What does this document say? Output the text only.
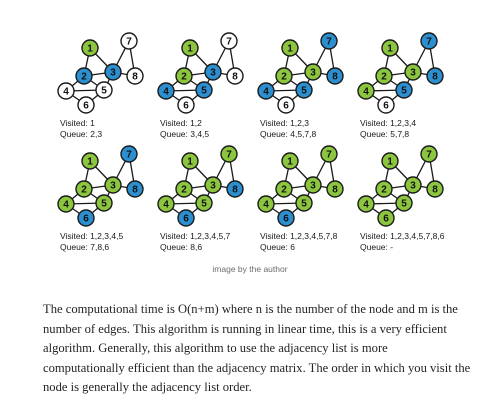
1
2 3
4	5
6
7
8
Visited: 1
Queue: 2,3
1
2 3
4	5
6
7
8
Visited: 1,2
Queue: 3,4,5
1
2 3
4	5
6
7
8
Visited: 1,2,3
Queue: 4,5,7,8
1
2 3
4	5
6
7
8
Visited: 1,2,3,4
Queue: 5,7,8
1
2 3
4	5
6
7
8
Visited: 1,2,3,4,5
Queue: 7,8,6
1
2 3
4	5
6
7
8
Visited: 1,2,3,4,5,7
Queue: 8,6
1
2 3
4	5
6
7
8
Visited: 1,2,3,4,5,7,8
Queue: 6
1
2 3
4	5
6
7
8
Visited: 1,2,3,4,5,7,8,6
Queue: -
image by the author
The computational time is O(n+m) where n is the number of the node and m is the number of edges. This algorithm is running in linear time, this is a very efficient algorithm. Generally, this algorithm to use the adjacency list is more computationally efficient than the adjacency matrix. The order in which you visit the node is generally the adjacency list order.
